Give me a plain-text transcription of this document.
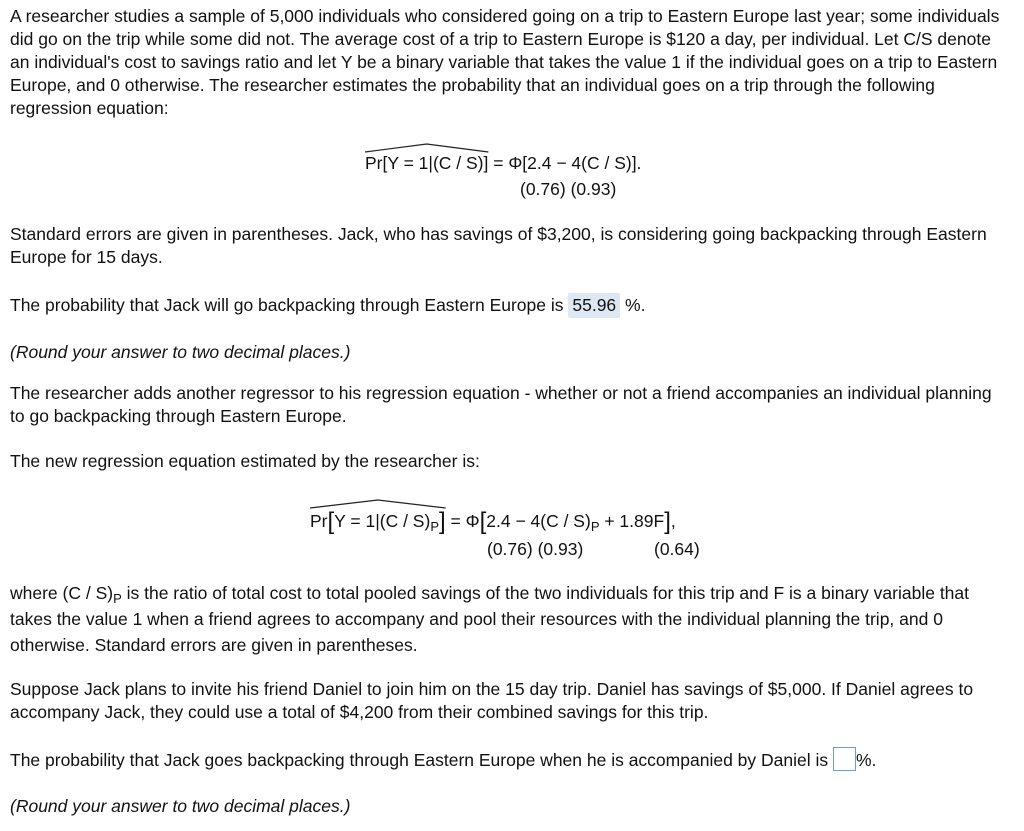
A researcher studies a sample of 5,000 individuals who considered going on a trip to Eastern Europe last year; some individuals did go on the trip while some did not. The average cost of a trip to Eastern Europe is $120 a day, per individual. Let C/S denote an individual's cost to savings ratio and let Y be a binary variable that takes the value 1 if the individual goes on a trip to Eastern Europe, and 0 otherwise. The researcher estimates the probability that an individual goes on a trip through the following regression equation:
Pr[Y = 1|(C / S)] = Φ[2.4 − 4(C / S)].
(0.76) (0.93)
Standard errors are given in parentheses. Jack, who has savings of $3,200, is considering going backpacking through Eastern Europe for 15 days.
The probability that Jack will go backpacking through Eastern Europe is 55.96 %.
(Round your answer to two decimal places.)
The researcher adds another regressor to his regression equation - whether or not a friend accompanies an individual planning to go backpacking through Eastern Europe.
The new regression equation estimated by the researcher is:
$Pr[Y = 1|(C / S)_P] = \Phi[2.4 - 4(C / S)_P + 1.89F]$,
(0.76) (0.93)	(0.64)
where $(C / S)_P$ is the ratio of total cost to total pooled savings of the two individuals for this trip and F is a binary variable that takes the value 1 when a friend agrees to accompany and pool their resources with the individual planning the trip, and 0 otherwise. Standard errors are given in parentheses.
Suppose Jack plans to invite his friend Daniel to join him on the 15 day trip. Daniel has savings of $5,000. If Daniel agrees to accompany Jack, they could use a total of $4,200 from their combined savings for this trip.
The probability that Jack goes backpacking through Eastern Europe when he is accompanied by Daniel is %.
(Round your answer to two decimal places.)
